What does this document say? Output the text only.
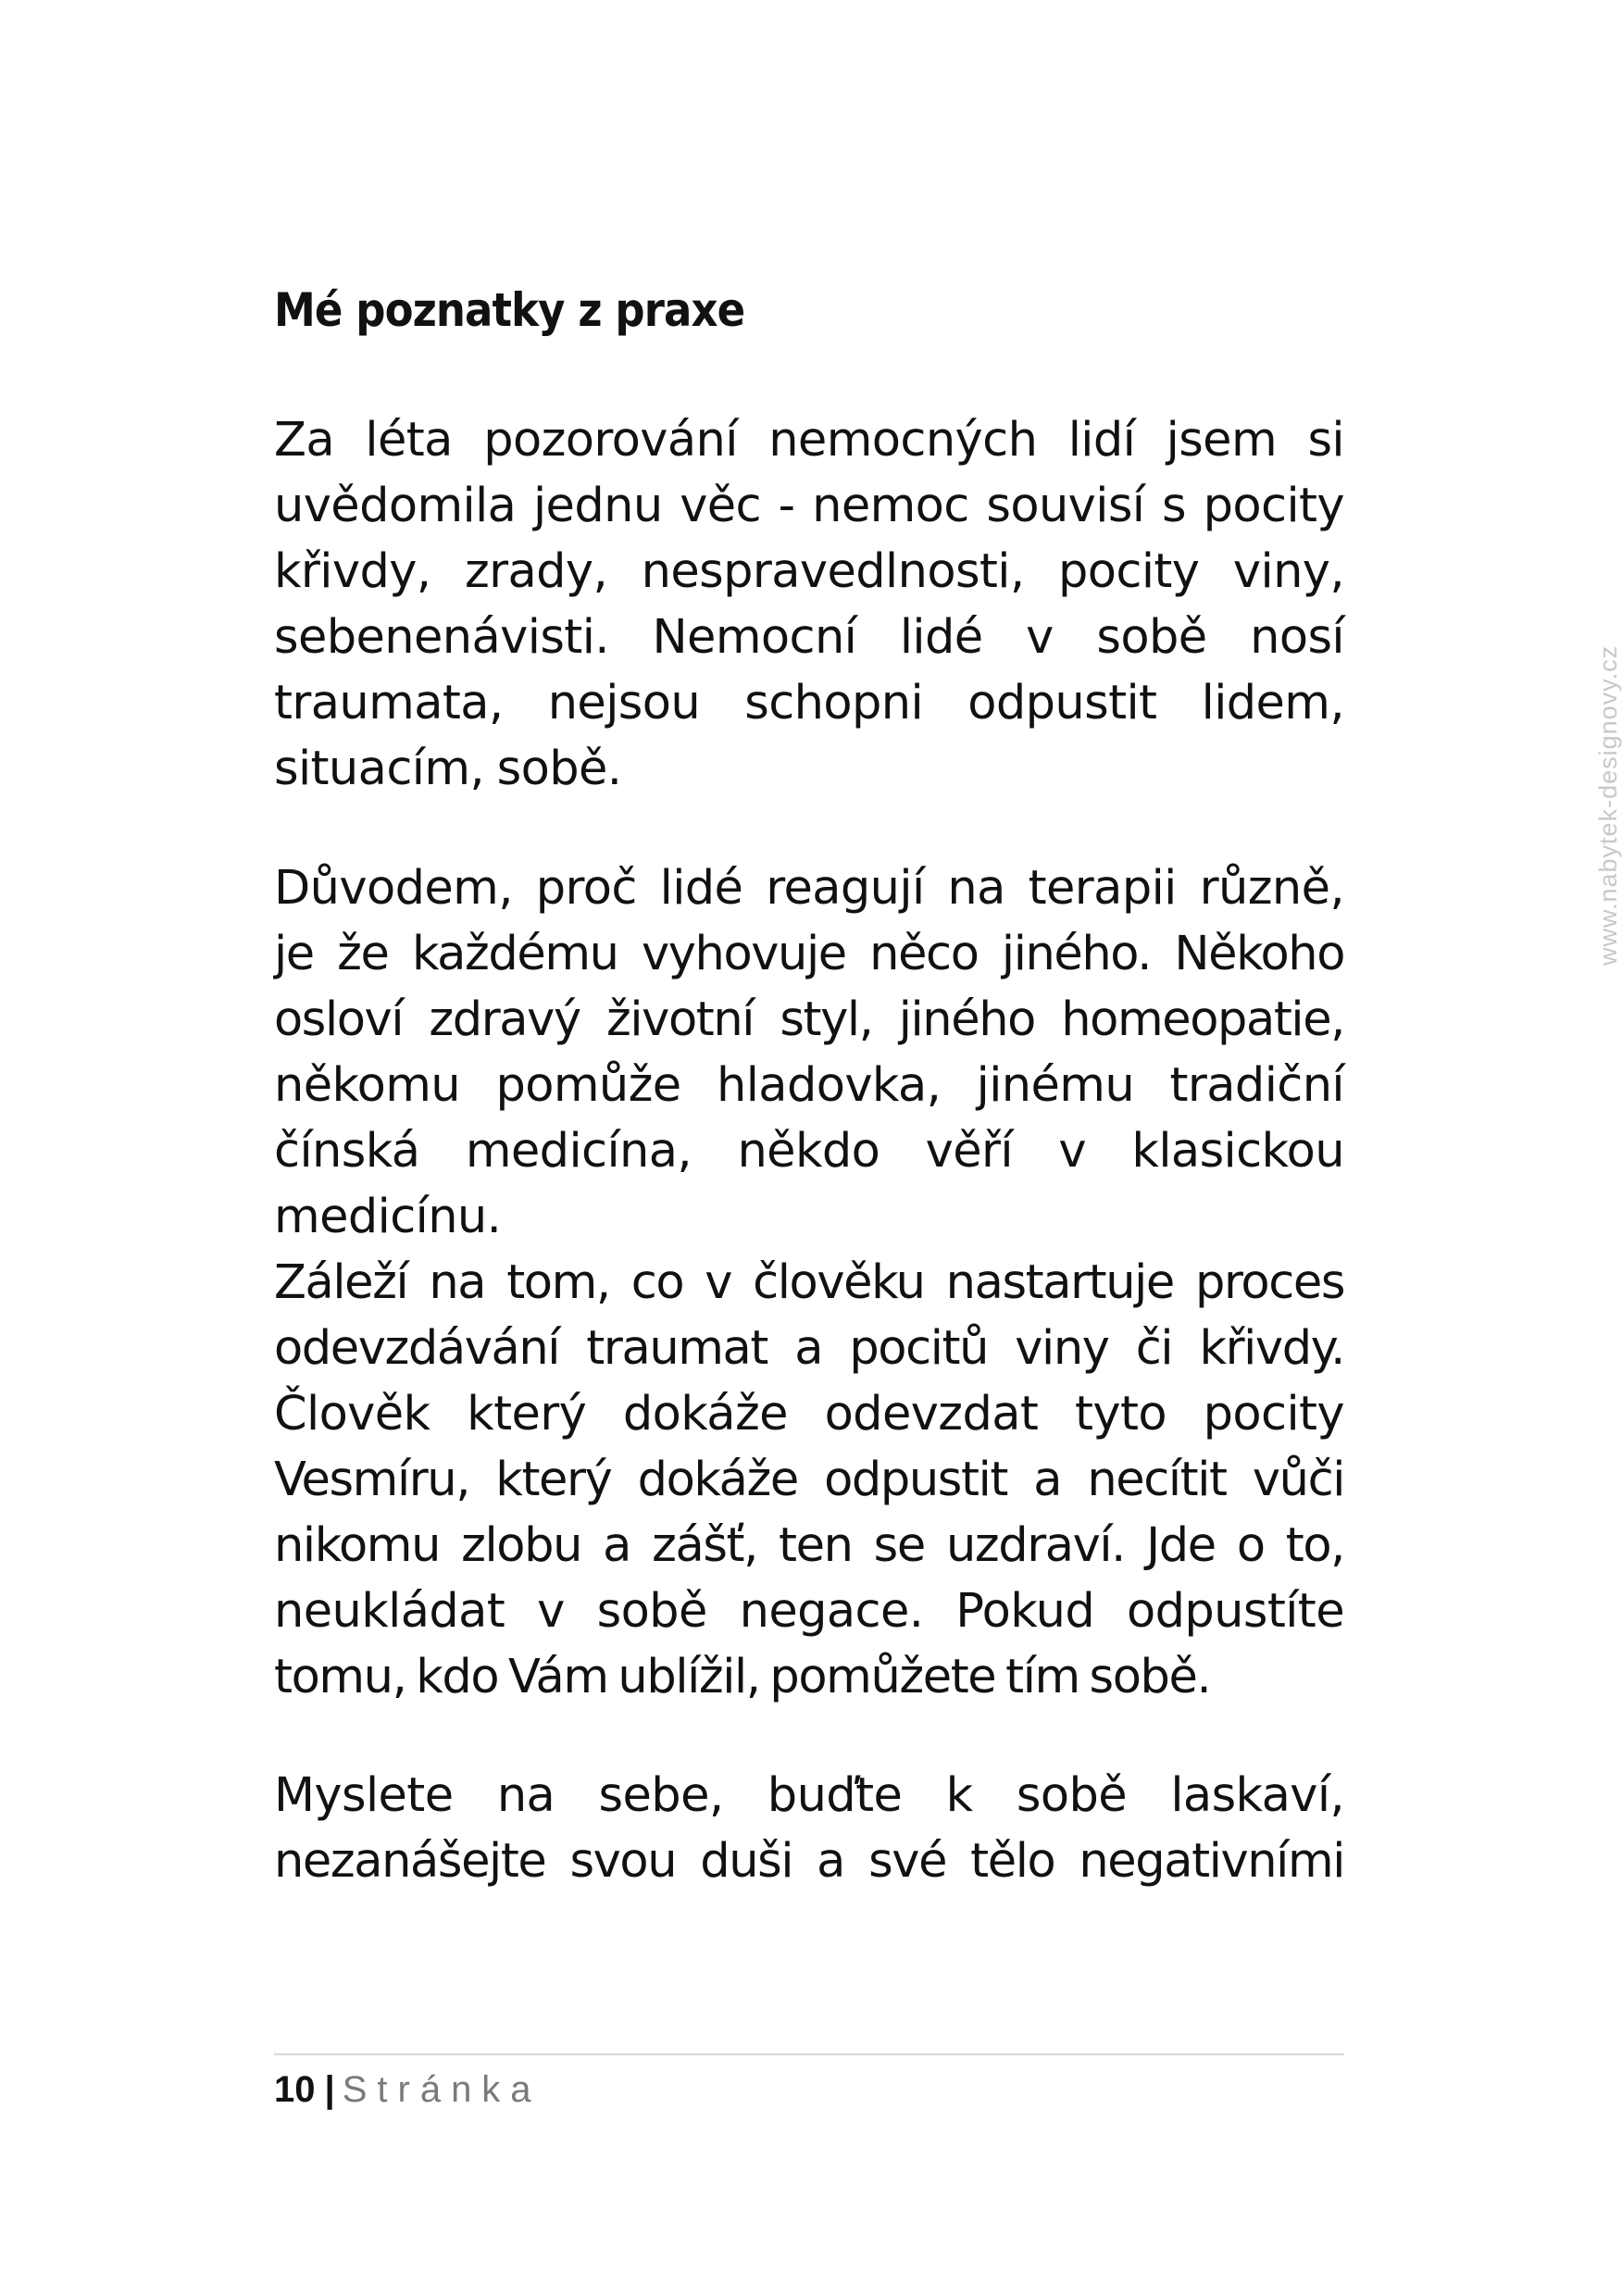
Mé poznatky z praxe

Za léta pozorování nemocných lidí jsem si
uvědomila jednu věc - nemoc souvisí s pocity
křivdy, zrady, nespravedlnosti, pocity viny,
sebenenávisti. Nemocní lidé v sobě nosí
traumata, nejsou schopni odpustit lidem,
situacím, sobě.

Důvodem, proč lidé reagují na terapii různě,
je že každému vyhovuje něco jiného. Někoho
osloví zdravý životní styl, jiného homeopatie,
někomu pomůže hladovka, jinému tradiční
čínská medicína, někdo věří v klasickou
medicínu.
Záleží na tom, co v člověku nastartuje proces
odevzdávání traumat a pocitů viny či křivdy.
Člověk který dokáže odevzdat tyto pocity
Vesmíru, který dokáže odpustit a necítit vůči
nikomu zlobu a zášť, ten se uzdraví. Jde o to,
neukládat v sobě negace. Pokud odpustíte
tomu, kdo Vám ublížil, pomůžete tím sobě.

Myslete na sebe, buďte k sobě laskaví,
nezanášejte svou duši a své tělo negativními

10 | Stránka
www.nabytek-designovy.cz
